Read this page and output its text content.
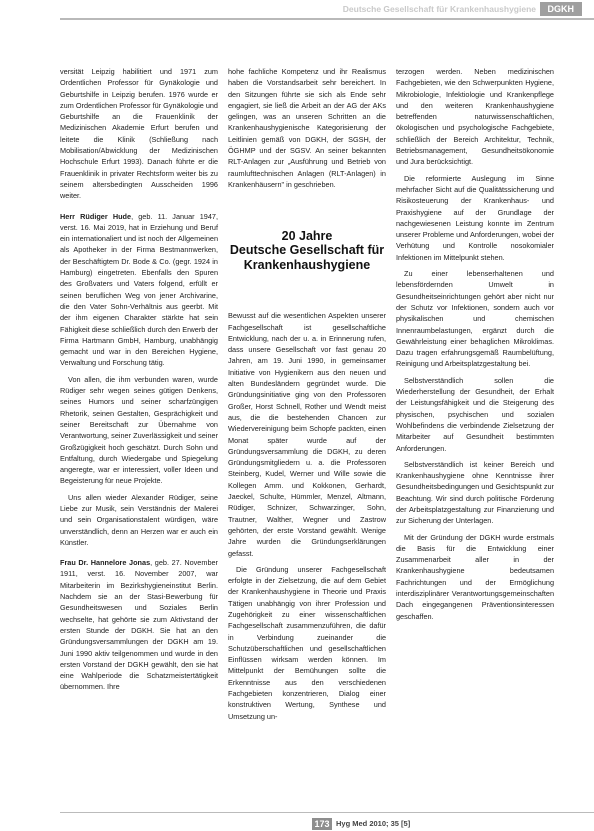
Deutsche Gesellschaft für Krankenhaushygiene	DGKH

versität Leipzig habilitiert und 1971 zum Ordentlichen Professor für Gynäkologie und Geburtshilfe in Leipzig berufen. 1976 wurde er zum Ordentlichen Professor für Gynäkologie und Geburtshilfe an die Frauenklinik der Medizinischen Akademie Erfurt berufen und leitete die Klinik (Schließung nach Mobilisation/Abwicklung der Medizinischen Hochschule Erfurt 1993). Danach führte er die Frauenklinik in privater Rechtsform weiter bis zu seinem altersbedingten Ausscheiden 1996 weiter.

Herr Rüdiger Hude, geb. 11. Januar 1947, verst. 16. Mai 2019, hat in Erziehung und Beruf ein internationaliert und ist noch der Allgemeinen als Apotheker in der Firma Bestmannwerken, der Beschäftigtem Dr. Bode & Co. (gegr. 1924 in Hamburg) eingetreten. Ebenfalls den Spuren des Großvaters und Vaters folgend, erfüllt er seinen beruflichen Weg von jener Archivarine, die den Vater Sohn-Verhältnis aus geerbt. Mit der ihm eigenen Charakter stärkte hat sein Fähigkeit diese schließlich durch den Erwerb der Firma Hartmann GmbH, Hamburg, unabhängig gemacht und war in den Bereichen Hygiene, Verwaltung und Forschung tätig.

Von allen, die ihm verbunden waren, wurde Rüdiger sehr wegen seines gütigen Denkens, seines Humors und seiner scharfzüngigen Rhetorik, seinen Gestalten, Gesprächigkeit und seiner Bereitschaft zur Übernahme von Verantwortung, seiner Zuverlässigkeit und seiner Großzügigkeit hoch geschätzt. Durch Sohn und Entfaltung, durch Wiedergabe und Spiegelung angeregte, war er interessiert, voller Ideen und Begeisterung für neue Projekte.

Uns allen wieder Alexander Rüdiger, seine Liebe zur Musik, sein Verständnis der Malerei und sein Organisationstalent würdigen, wäre unverständlich, denn an Herzen war er auch ein Künstler.

Frau Dr. Hannelore Jonas, geb. 27. November 1911, verst. 16. November 2007, war Mitarbeiterin im Bezirkshygieneinstitut Berlin. Nachdem sie an der Stasi-Bewerbung für Gesundheitswesen und Soziales Berlin wechselte, hat gehörte sie zum Aktivstand der ersten Stunde der DGKH. Sie hat an den Gründungsversammlungen der DGKH am 19. Juni 1990 aktiv teilgenommen und wurde in den ersten Vorstand der DGKH gewählt, den sie hat eine Wahlperiode die Schatzmeistertätigkeit übernommen. Ihre

hohe fachliche Kompetenz und ihr Realismus haben die Vorstandsarbeit sehr bereichert. In den Sitzungen führte sie sich als Ende sehr engagiert, sie ließ die Arbeit an der AG der AKs gelingen, was an unseren Schritten an die Krankenhaushygienische Kategorisierung der Leitlinien gemäß von DGKH, der SGSH, der ÖGHMP und der SGSV. An seiner bekannten RLT-Anlagen zur „Ausführung und Betrieb von raumlufttechnischen Anlagen (RLT-Anlagen) in Krankenhäusern" in geschrieben.

20 Jahre
Deutsche Gesellschaft für
Krankenhaushygiene

Bewusst auf die wesentlichen Aspekten unserer Fachgesellschaft ist gesellschaftliche Entwicklung, nach der u. a. in Erinnerung rufen, dass unsere Gesellschaft vor fast genau 20 Jahren, am 19. Juni 1990, in gemeinsamer Initiative von Hygienikern aus den neuen und alten Bundesländern gegründet wurde. Die Gründungsinitiative ging von den Professoren Großer, Horst Schnell, Rother und Wendt meist aus, die die bestehenden Chancen zur Wiedervereinigung beim Schopfe packten, einen Monat später wurde auf der Gründungsversammlung die DGKH, zu deren Gründungsmitgliedern u. a. die Professoren Steinberg, Kudel, Werner und Wille sowie die Kollegen Amm. und Kokkonen, Gerhardt, Jaeckel, Schulte, Hümmler, Menzel, Altmann, Rüdiger, Schnizer, Schwarzinger, Sohn, Trautner, Walther, Wegner und Zastrow gehörten, der erste Vorstand gewählt. Wenige Jahre wurden die Gründungserklärungen gefasst.

Die Gründung unserer Fachgesellschaft erfolgte in der Zielsetzung, die auf dem Gebiet der Krankenhaushygiene in Theorie und Praxis Tätigen unabhängig von ihrer Profession und Zugehörigkeit zu einer wissenschaftlichen Fachgesellschaft zusammenzuführen, die dafür in Verbindung zueinander die Schutzüberschaftlichen und gesellschaftlichen Einflüssen wirksam werden können. Im Mittelpunkt der Bemühungen sollte die Erkenntnisse aus den verschiedenen Fachgebieten konzentrieren, Dialog einer konstruktiven Wertung, Synthese und Umsetzung un-

terzogen werden. Neben medizinischen Fachgebieten, wie den Schwerpunkten Hygiene, Mikrobiologie, Infektiologie und Krankenpflege und den weiteren Krankenhaushygiene betreffenden naturwissenschaftlichen, ökologischen und psychologische Fachgebiete, schließlich der Bereich Architektur, Technik, Betriebsmanagement, Gesundheitsökonomie und Jura berücksichtigt.

Die reformierte Auslegung im Sinne mehrfacher Sicht auf die Qualitätssicherung und Risikosteuerung der Krankenhaus- und Praxishygiene auf der Grundlage der nachgewiesenen Leistung konnte im Zentrum unserer Probleme und Anforderungen, wobei der Verhütung und Kontrolle nosokomialer Infektionen im Mittelpunkt stehen.

Zu einer lebenserhaltenen und lebensfördernden Umwelt in Gesundheitseinrichtungen gehört aber nicht nur der Schutz vor Infektionen, sondern auch vor physikalischen und chemischen Innenraumbelastungen, ergänzt durch die Gewährleistung einer behaglichen Mikroklimas. Dazu tragen erfahrungsgemäß Raumbelüftung, Reinigung und Arbeitsplatzgestaltung bei.

Selbstverständlich sollen die Wiederherstellung der Gesundheit, der Erhalt der Leistungsfähigkeit und die Steigerung des physischen, psychischen und sozialen Wohlbefindens die verbindende Zielsetzung der Mitarbeiter auf Gesundheit bestimmten Anforderungen.

Selbstverständlich ist keiner Bereich und Krankenhaushygiene ohne Kenntnisse ihrer Gesundheitsbedingungen und Gesichtspunkt zur Beachtung. Wir sind durch politische Förderung der Arbeitsplatzgestaltung zur Finanzierung und zur Sicherung der Unterlagen.

Mit der Gründung der DGKH wurde erstmals die Basis für die Entwicklung einer Zusammenarbeit aller in der Krankenhaushygiene bedeutsamen Fachrichtungen und der Ermöglichung interdisziplinärer Verantwortungsgemeinschaften Dach eingegangenen Präventionsinteressen geschaffen.

173 Hyg Med 2010; 35 [5]
